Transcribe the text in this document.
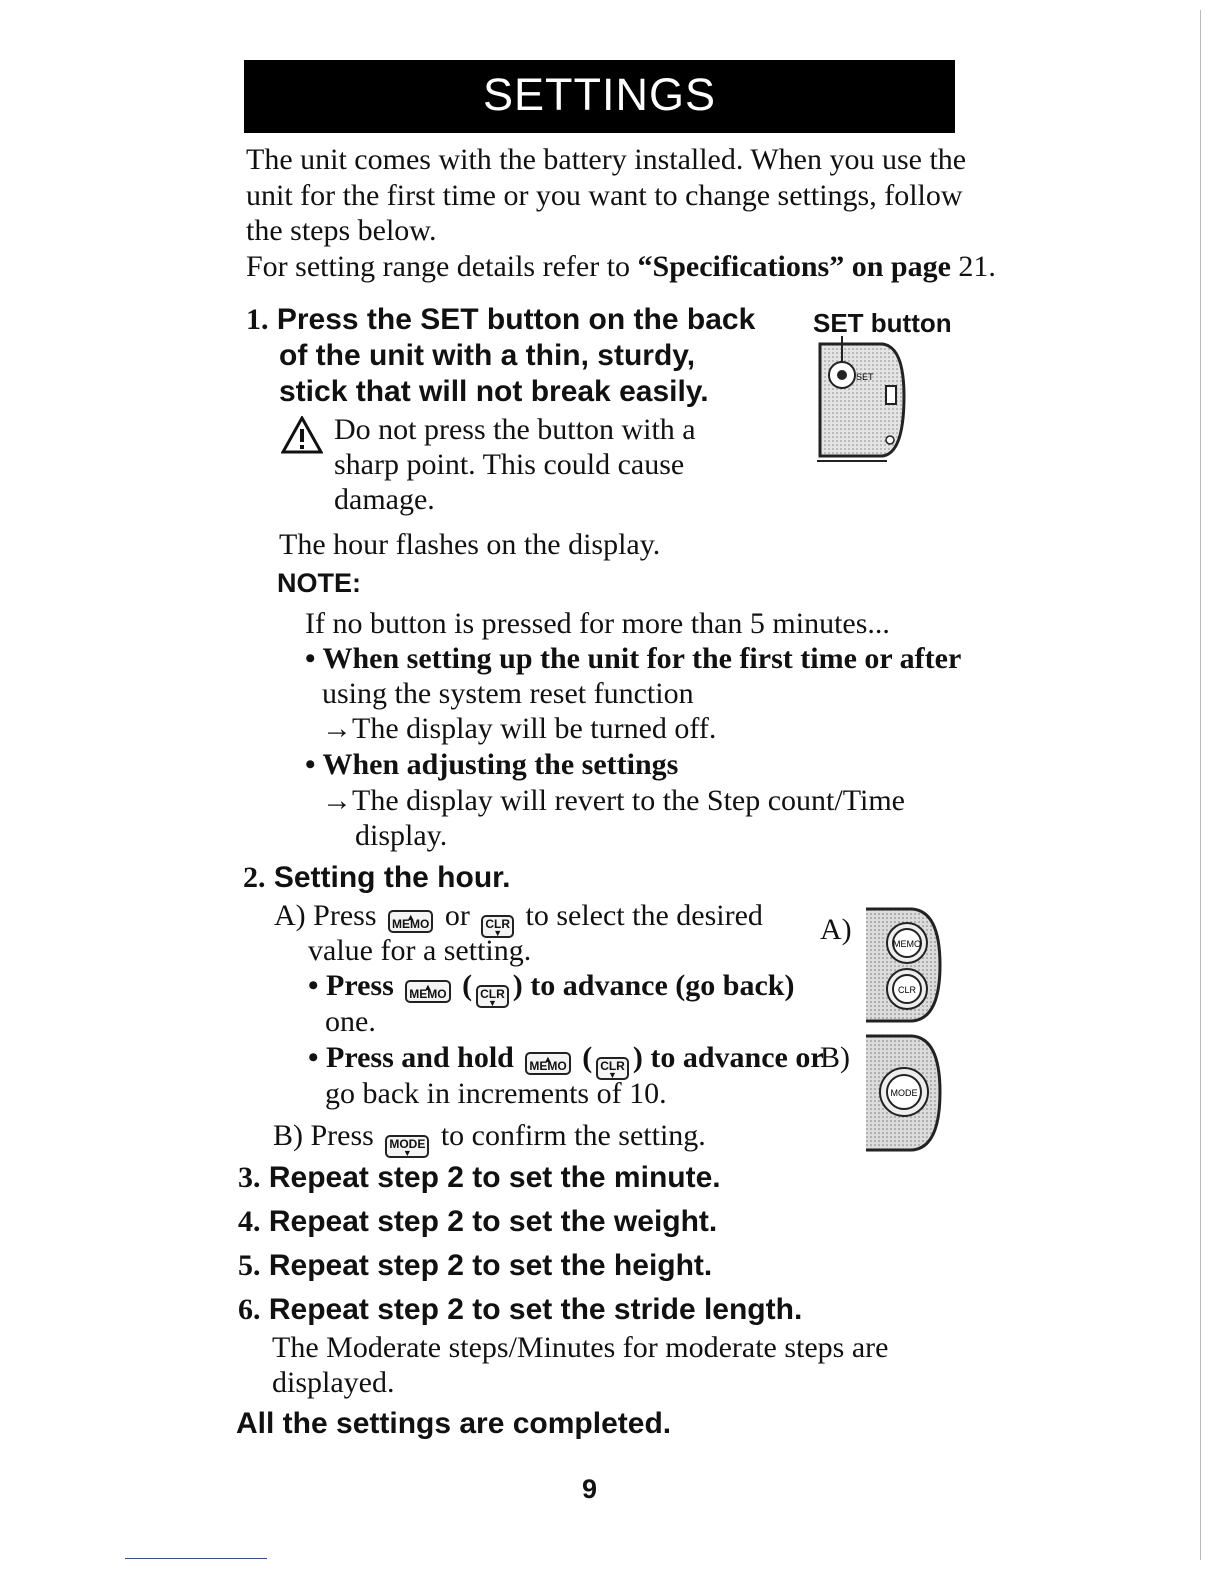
SETTINGS
The unit comes with the battery installed. When you use the
unit for the first time or you want to change settings, follow
the steps below.
For setting range details refer to “Specifications” on page 21.
1. Press the SET button on the back
of the unit with a thin, sturdy,
stick that will not break easily.
Do not press the button with a
sharp point. This could cause
damage.
SET button
SET
The hour flashes on the display.
NOTE:
If no button is pressed for more than 5 minutes...
• When setting up the unit for the first time or after
using the system reset function
→The display will be turned off.
• When adjusting the settings
→The display will revert to the Step count/Time
display.
2. Setting the hour.
A) Press ▲ MEMO or ▼ CLR to select the desired
value for a setting.
• Press ▲ MEMO ( ▼ CLR ) to advance (go back)
one.
• Press and hold ▲ MEMO ( ▼ CLR ) to advance or
go back in increments of 10.
B) Press ▼ MODE to confirm the setting.
A)	MEMO
CLR
B)
MODE
3. Repeat step 2 to set the minute.
4. Repeat step 2 to set the weight.
5. Repeat step 2 to set the height.
6. Repeat step 2 to set the stride length.
The Moderate steps/Minutes for moderate steps are
displayed.
All the settings are completed.
9
